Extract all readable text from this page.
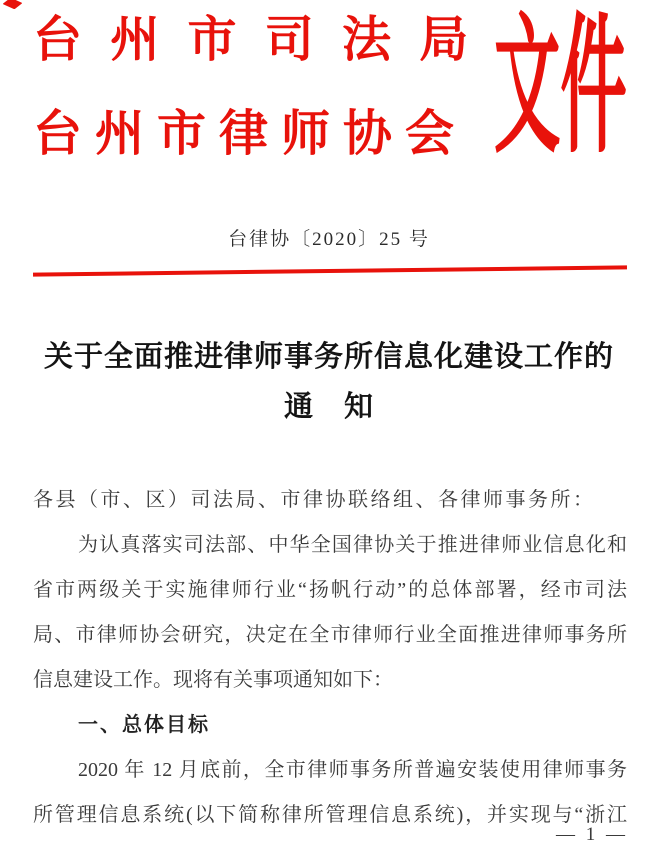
台 州 市 司 法 局
台州市律师协会 文件
台律协〔2020〕25 号
关于全面推进律师事务所信息化建设工作的
通　知
各县（市、区）司法局、市律协联络组、各律师事务所：
为认真落实司法部、中华全国律协关于推进律师业信息化和
省市两级关于实施律师行业“扬帆行动”的总体部署，经市司法
局、市律师协会研究，决定在全市律师行业全面推进律师事务所
信息建设工作。现将有关事项通知如下：
一、总体目标
2020 年 12 月底前，全市律师事务所普遍安装使用律师事务
所管理信息系统(以下简称律所管理信息系统)，并实现与“浙江
— 1 —
